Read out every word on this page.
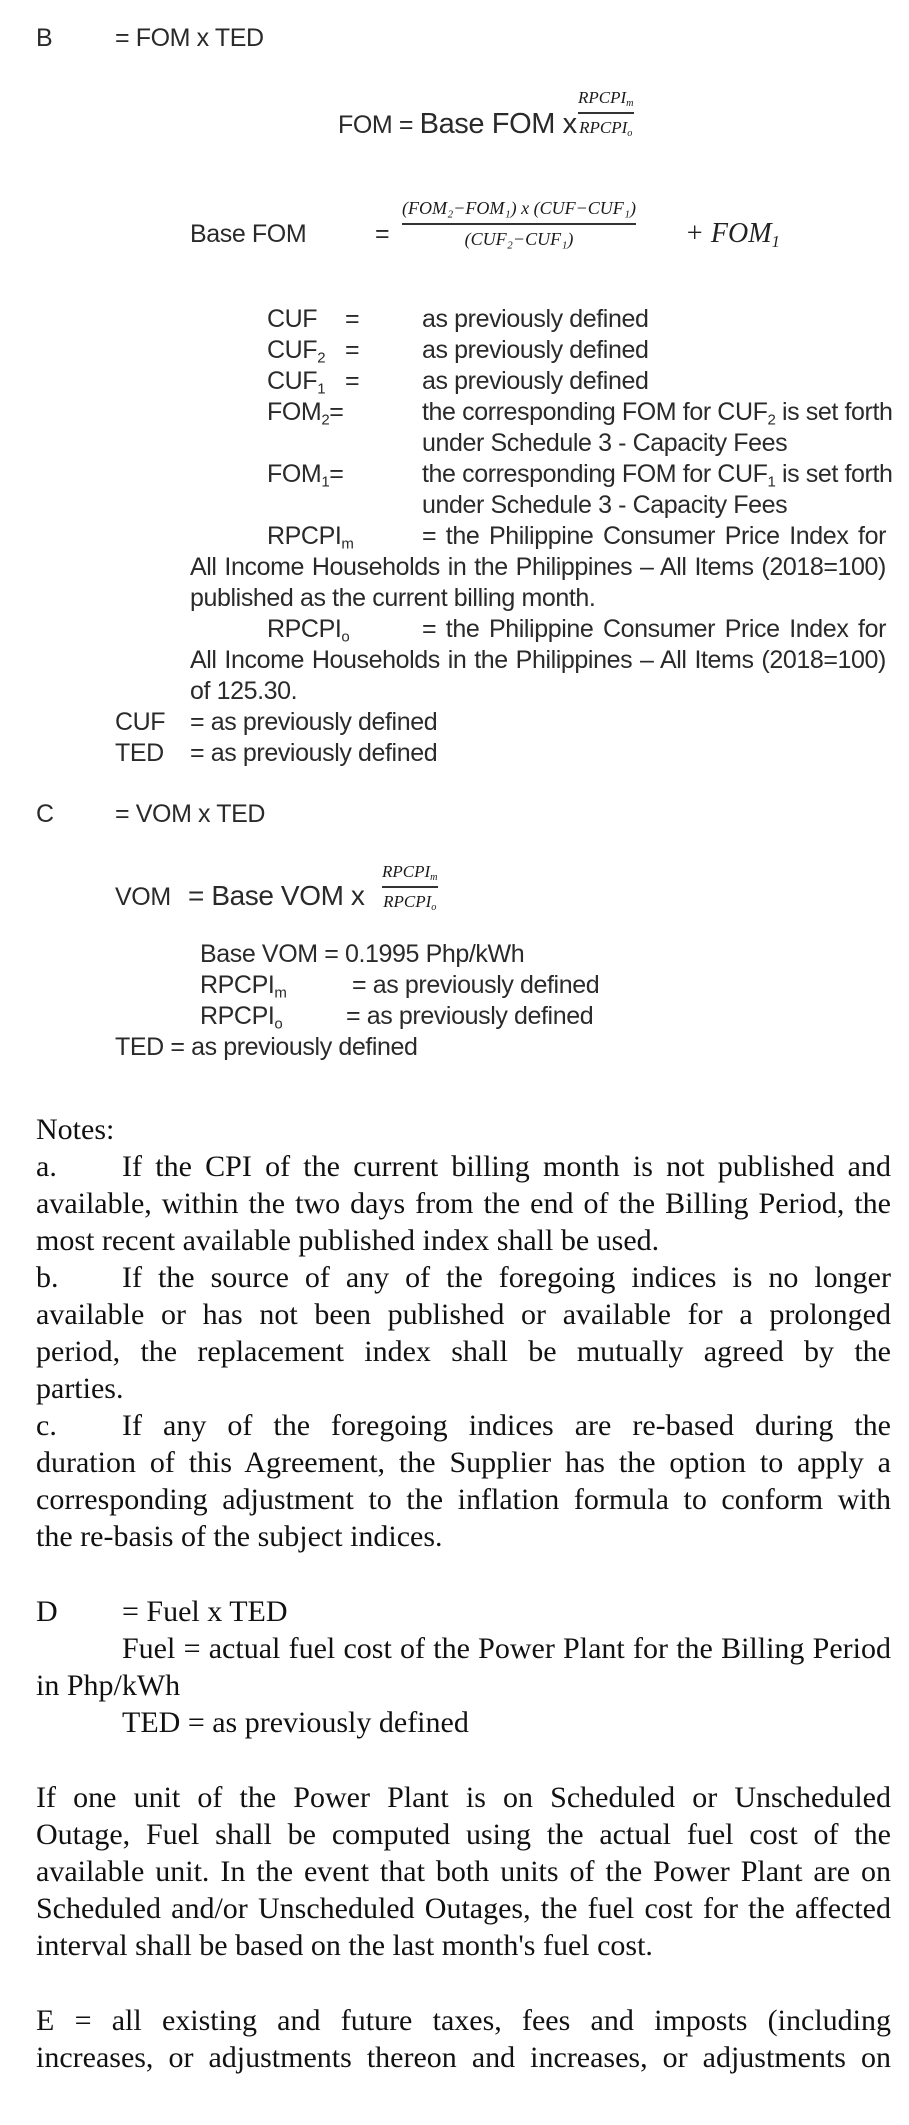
B	= FOM x TED
FOM = Base FOM x
$RPCPI_m$
$RPCPI_o$
Base FOM	=
(FOM₂−FOM₁) x (CUF−CUF₁)
(CUF₂−CUF₁)	+ $FOM_1$
CUF =	as previously defined
$CUF_2$ =	as previously defined
$CUF_1$ =	as previously defined
$FOM_2=$	the corresponding FOM for $CUF_2$ is set forth
under Schedule 3 - Capacity Fees
$FOM_1=$	the corresponding FOM for $CUF_1$ is set forth
under Schedule 3 - Capacity Fees
$RPCPI_m$	= the Philippine Consumer Price Index for
All Income Households in the Philippines – All Items (2018=100)
published as the current billing month.
$RPCPI_o$	= the Philippine Consumer Price Index for
All Income Households in the Philippines – All Items (2018=100)
of 125.30.
CUF = as previously defined
TED = as previously defined
C = VOM x TED
VOM = Base VOM x
$RPCPI_m$
$RPCPI_o$
Base VOM = 0.1995 Php/kWh
$RPCPI_m$	= as previously defined
$RPCPI_o$	= as previously defined
TED = as previously defined
Notes:
a. If the CPI of the current billing month is not published and
available, within the two days from the end of the Billing Period, the
most recent available published index shall be used.
b. If the source of any of the foregoing indices is no longer
available or has not been published or available for a prolonged
period, the replacement index shall be mutually agreed by the
parties.
c. If any of the foregoing indices are re-based during the
duration of this Agreement, the Supplier has the option to apply a
corresponding adjustment to the inflation formula to conform with
the re-basis of the subject indices.
D = Fuel x TED
Fuel = actual fuel cost of the Power Plant for the Billing Period
in Php/kWh
TED = as previously defined
If one unit of the Power Plant is on Scheduled or Unscheduled
Outage, Fuel shall be computed using the actual fuel cost of the
available unit. In the event that both units of the Power Plant are on
Scheduled and/or Unscheduled Outages, the fuel cost for the affected
interval shall be based on the last month's fuel cost.
E = all existing and future taxes, fees and imposts (including
increases, or adjustments thereon and increases, or adjustments on
